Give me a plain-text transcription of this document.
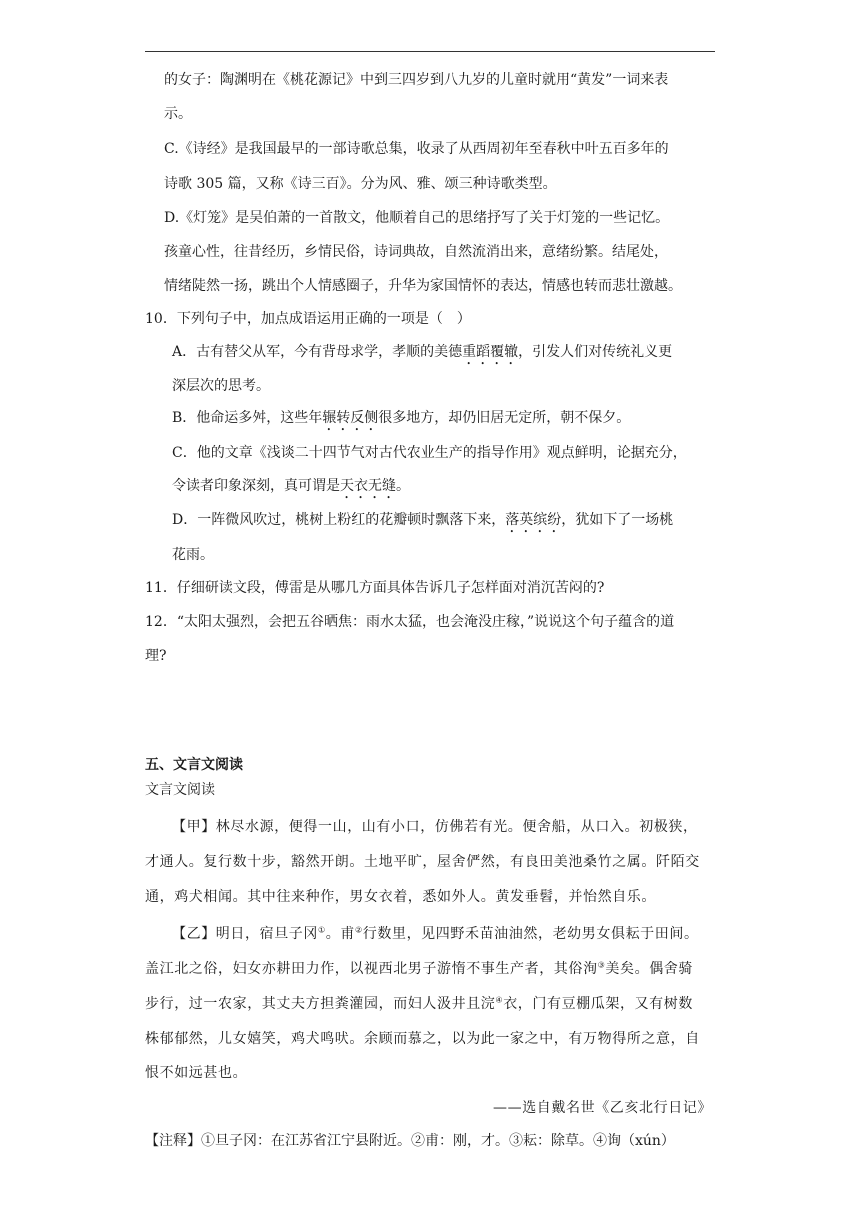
的女子：陶渊明在《桃花源记》中到三四岁到八九岁的儿童时就用“黄发”一词来表
示。
C.《诗经》是我国最早的一部诗歌总集，收录了从西周初年至春秋中叶五百多年的
诗歌 305 篇，又称《诗三百》。分为风、雅、颂三种诗歌类型。
D.《灯笼》是吴伯萧的一首散文，他顺着自己的思绪抒写了关于灯笼的一些记忆。
孩童心性，往昔经历，乡情民俗，诗词典故，自然流消出来，意绪纷繁。结尾处，
情绪陡然一扬，跳出个人情感圈子，升华为家国情怀的表达，情感也转而悲壮激越。
10．下列句子中，加点成语运用正确的一项是（　）
A．古有替父从军，今有背母求学，孝顺的美德重蹈覆辙，引发人们对传统礼义更
深层次的思考。
B．他命运多舛，这些年辗转反侧很多地方，却仍旧居无定所，朝不保夕。
C．他的文章《浅谈二十四节气对古代农业生产的指导作用》观点鲜明，论据充分，
令读者印象深刻，真可谓是天衣无缝。
D．一阵微风吹过，桃树上粉红的花瓣顿时飘落下来，落英缤纷，犹如下了一场桃
花雨。
11．仔细研读文段，傅雷是从哪几方面具体告诉几子怎样面对消沉苦闷的?
12．“太阳太强烈，会把五谷晒焦：雨水太猛，也会淹没庄稼，”说说这个句子蕴含的道
理?
五、文言文阅读
文言文阅读
【甲】林尽水源，便得一山，山有小口，仿佛若有光。便舍船，从口入。初极狭，
才通人。复行数十步，豁然开朗。土地平旷，屋舍俨然，有良田美池桑竹之属。阡陌交
通，鸡犬相闻。其中往来种作，男女衣着，悉如外人。黄发垂髫，并怡然自乐。
【乙】明日，宿旦子冈①。甫②行数里，见四野禾苗油油然，老幼男女俱耘于田间。
盖江北之俗，妇女亦耕田力作，以视西北男子游惰不事生产者，其俗洵③美矣。偶舍骑
步行，过一农家，其丈夫方担粪灌园，而妇人汲井且浣④衣，门有豆棚瓜架，又有树数
株郁郁然，儿女嬉笑，鸡犬鸣吠。余顾而慕之，以为此一家之中，有万物得所之意，自
恨不如远甚也。
——选自戴名世《乙亥北行日记》
【注释】①旦子冈：在江苏省江宁县附近。②甫：刚，才。③耘：除草。④询（xún）
